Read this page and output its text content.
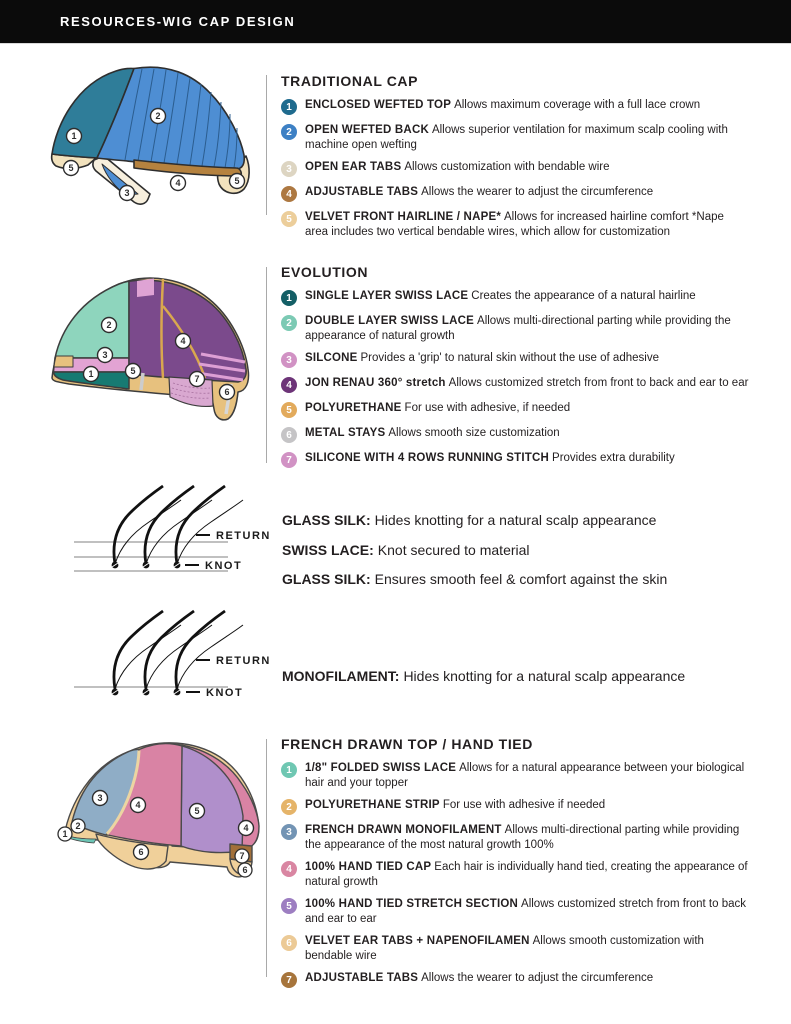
RESOURCES-WIG CAP DESIGN
1
2
3
4
5
5
TRADITIONAL CAP
1	ENCLOSED WEFTED TOP Allows maximum coverage with a full lace crown
2	OPEN WEFTED BACK Allows superior ventilation for maximum scalp cooling with machine open wefting
3	OPEN EAR TABS Allows customization with bendable wire
4	ADJUSTABLE TABS Allows the wearer to adjust the circumference
5	VELVET FRONT HAIRLINE / NAPE* Allows for increased hairline comfort *Nape area includes two vertical bendable wires, which allow for customization
1
2
3
4
5
6
7
EVOLUTION
1	SINGLE LAYER SWISS LACE Creates the appearance of a natural hairline
2	DOUBLE LAYER SWISS LACE Allows multi-directional parting while providing the appearance of natural growth
3	SILCONE Provides a 'grip' to natural skin without the use of adhesive
4	JON RENAU 360° stretch Allows customized stretch from front to back and ear to ear
5	POLYURETHANE For use with adhesive, if needed
6	METAL STAYS Allows smooth size customization
7	SILICONE WITH 4 ROWS RUNNING STITCH Provides extra durability
RETURN
KNOT
GLASS SILK: Hides knotting for a natural scalp appearance
SWISS LACE: Knot secured to material
GLASS SILK: Ensures smooth feel & comfort against the skin
RETURN
KNOT
MONOFILAMENT: Hides knotting for a natural scalp appearance
1
2
3
4
5
4
6	7
6
FRENCH DRAWN TOP / HAND TIED
1	1/8" FOLDED SWISS LACE Allows for a natural appearance between your biological hair and your topper
2	POLYURETHANE STRIP For use with adhesive if needed
3	FRENCH DRAWN MONOFILAMENT Allows multi-directional parting while providing the appearance of the most natural growth 100%
4	100% HAND TIED CAP Each hair is individually hand tied, creating the appearance of natural growth
5	100% HAND TIED STRETCH SECTION Allows customized stretch from front to back and ear to ear
6	VELVET EAR TABS + NAPENOFILAMEN Allows smooth customization with bendable wire
7	ADJUSTABLE TABS Allows the wearer to adjust the circumference
